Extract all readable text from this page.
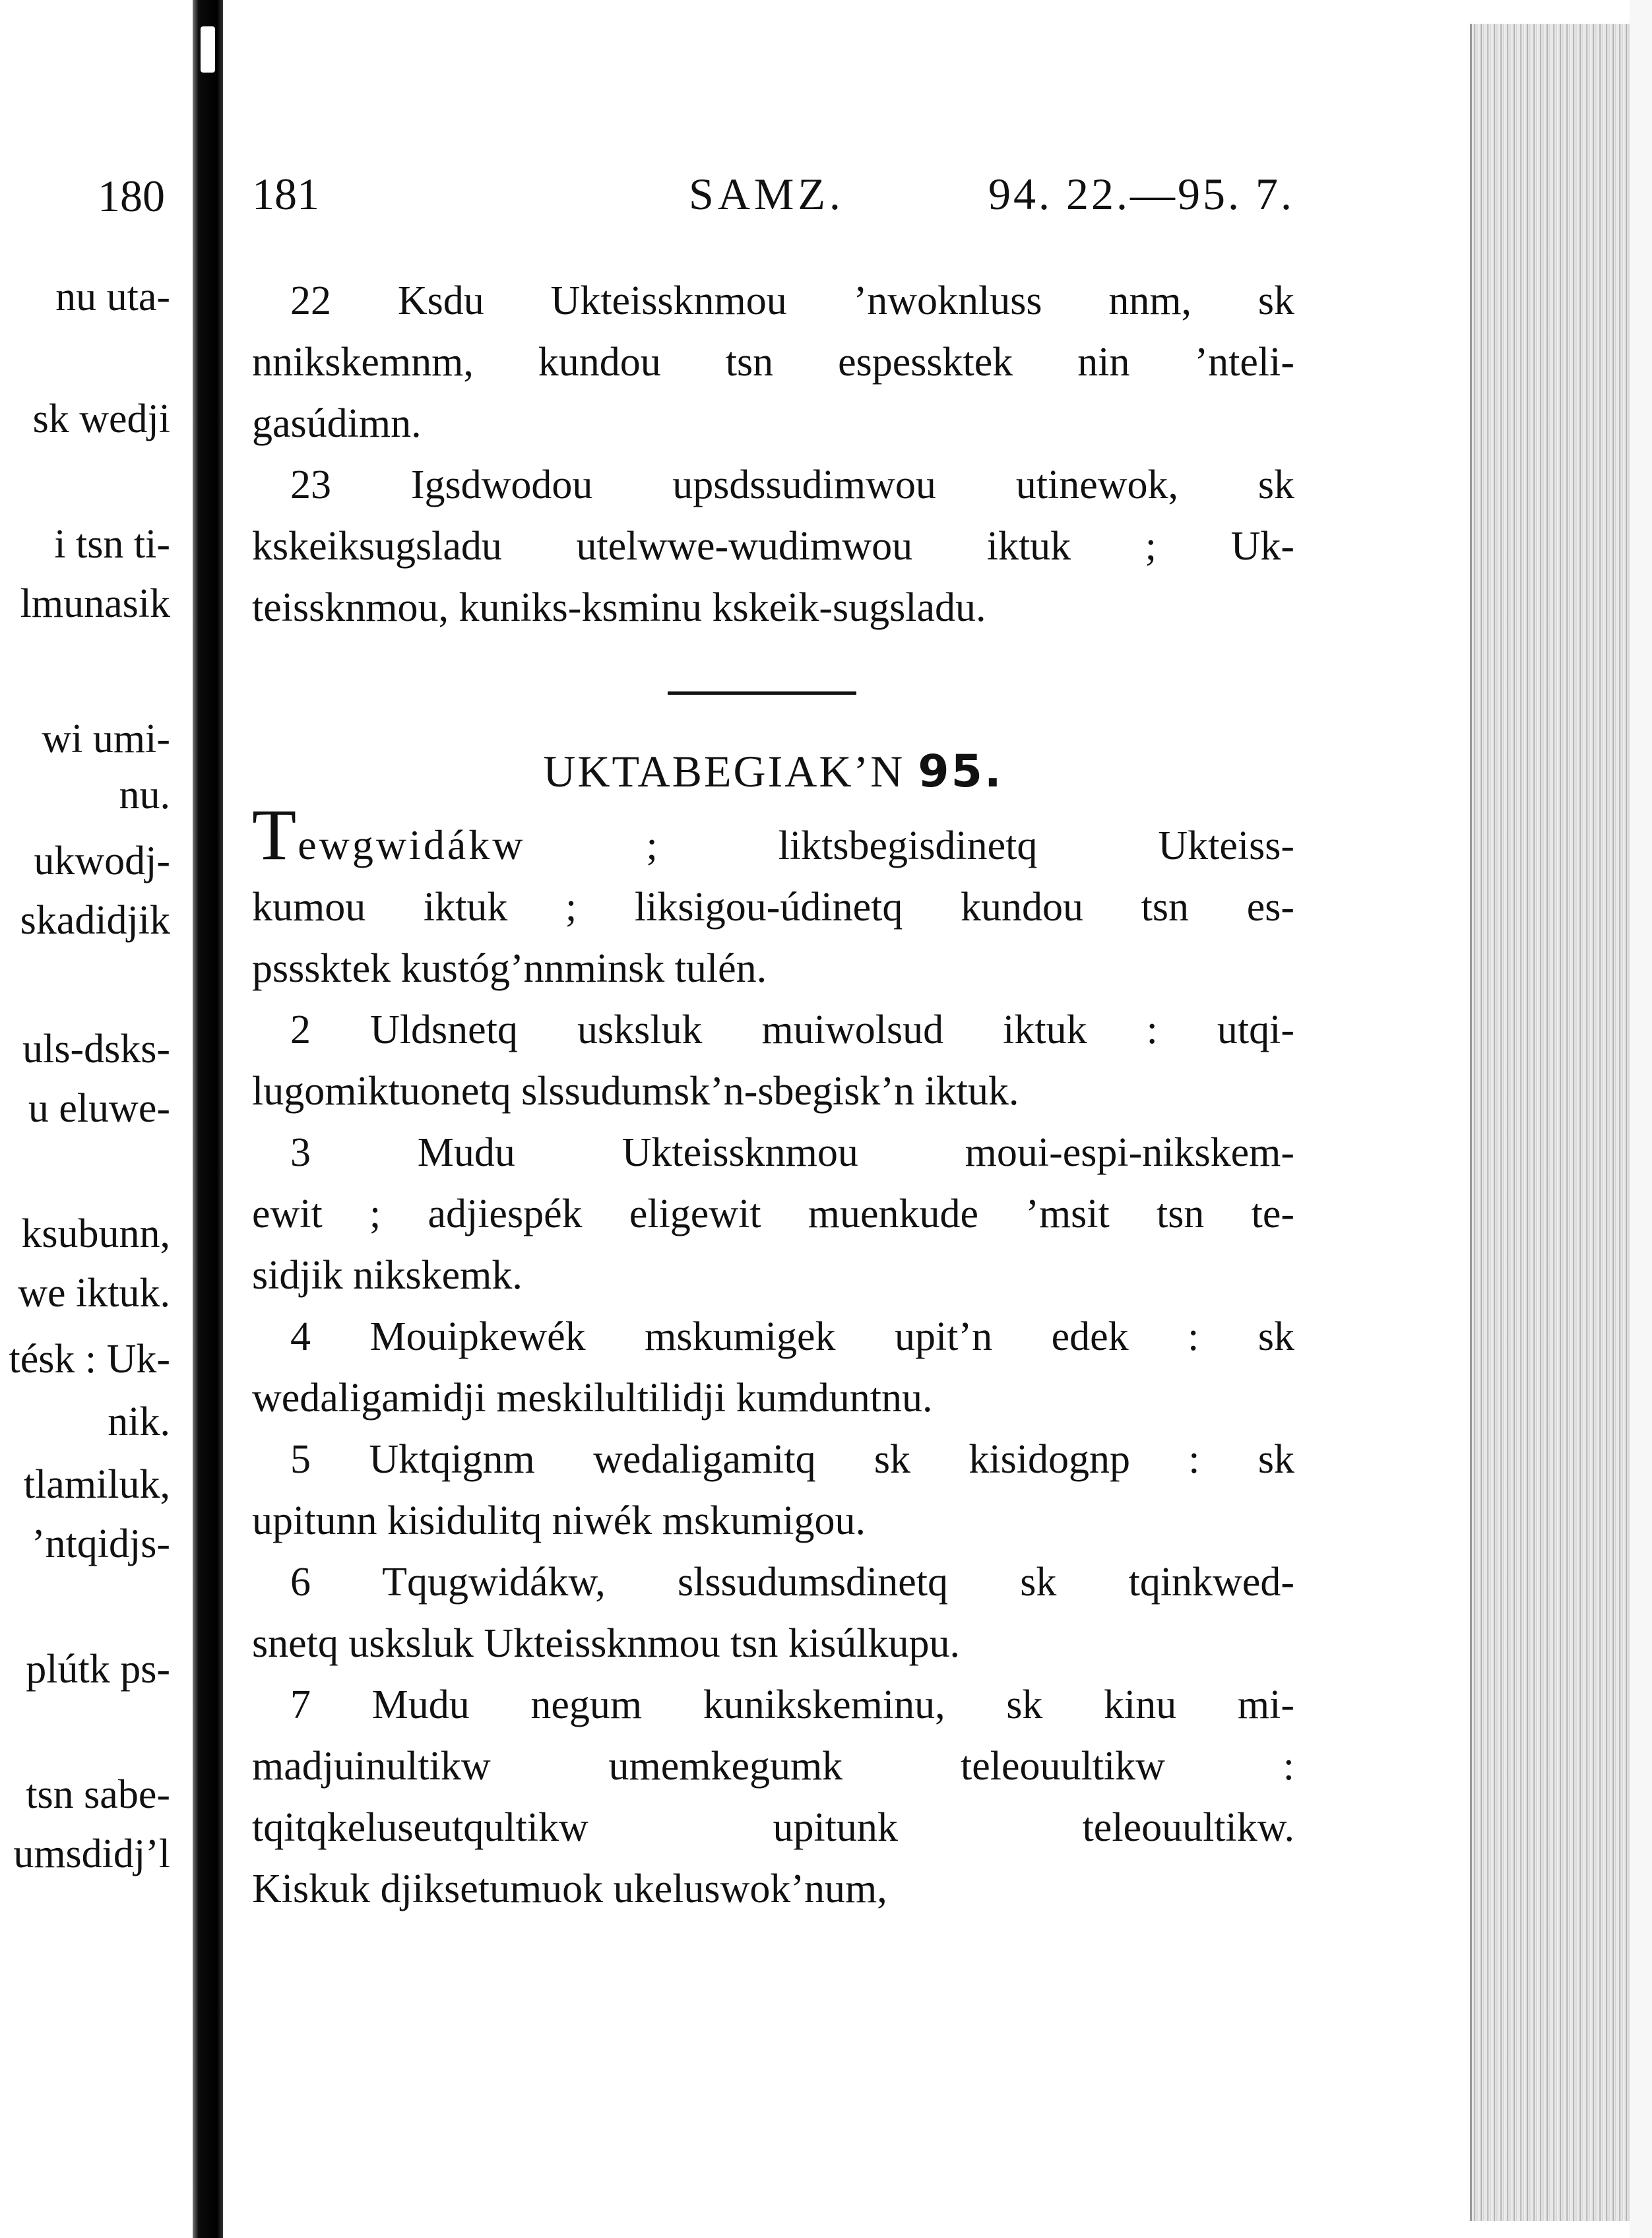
180
nu uta-
sk wedji
i tsn ti-
lmunasik
wi umi-
nu.
ukwodj-
skadidjik
uls-dsks-
u eluwe-
ksubunn,
we iktuk.
tésk : Uk-
nik.
tlamiluk,
’ntqidjs-
plútk ps-
tsn sabe-
umsdidj’l
181	SAMZ.	94. 22.—95. 7.
22 Ksdu Ukteissknmou ’nwoknluss nnm, sk
nnikskemnm, kundou tsn espessktek nin ’nteli-
gasúdimn.
23 Igsdwodou upsdssudimwou utinewok, sk
kskeiksugsladu utelwwe-wudimwou iktuk ; Uk-
teissknmou, kuniks-ksminu kskeik-sugsladu.
UKTABEGIAK’N 95.
Tewgwidákw ; liktsbegisdinetq Ukteiss-
kumou iktuk ; liksigou-údinetq kundou tsn es-
psssktek kustóg’nnminsk tulén.
2 Uldsnetq usksluk muiwolsud iktuk : utqi-
lugomiktuonetq slssudumsk’n-sbegisk’n iktuk.
3 Mudu Ukteissknmou moui-espi-nikskem-
ewit ; adjiespék eligewit muenkude ’msit tsn te-
sidjik nikskemk.
4 Mouipkewék mskumigek upit’n edek : sk
wedaligamidji meskilultilidji kumduntnu.
5 Uktqignm wedaligamitq sk kisidognp : sk
upitunn kisidulitq niwék mskumigou.
6 Tqugwidákw, slssudumsdinetq sk tqinkwed-
snetq usksluk Ukteissknmou tsn kisúlkupu.
7 Mudu negum kunikskeminu, sk kinu mi-
madjuinultikw umemkegumk teleouultikw :
tqitqkeluseutqultikw upitunk teleouultikw.
Kiskuk djiksetumuok ukeluswok’num,
